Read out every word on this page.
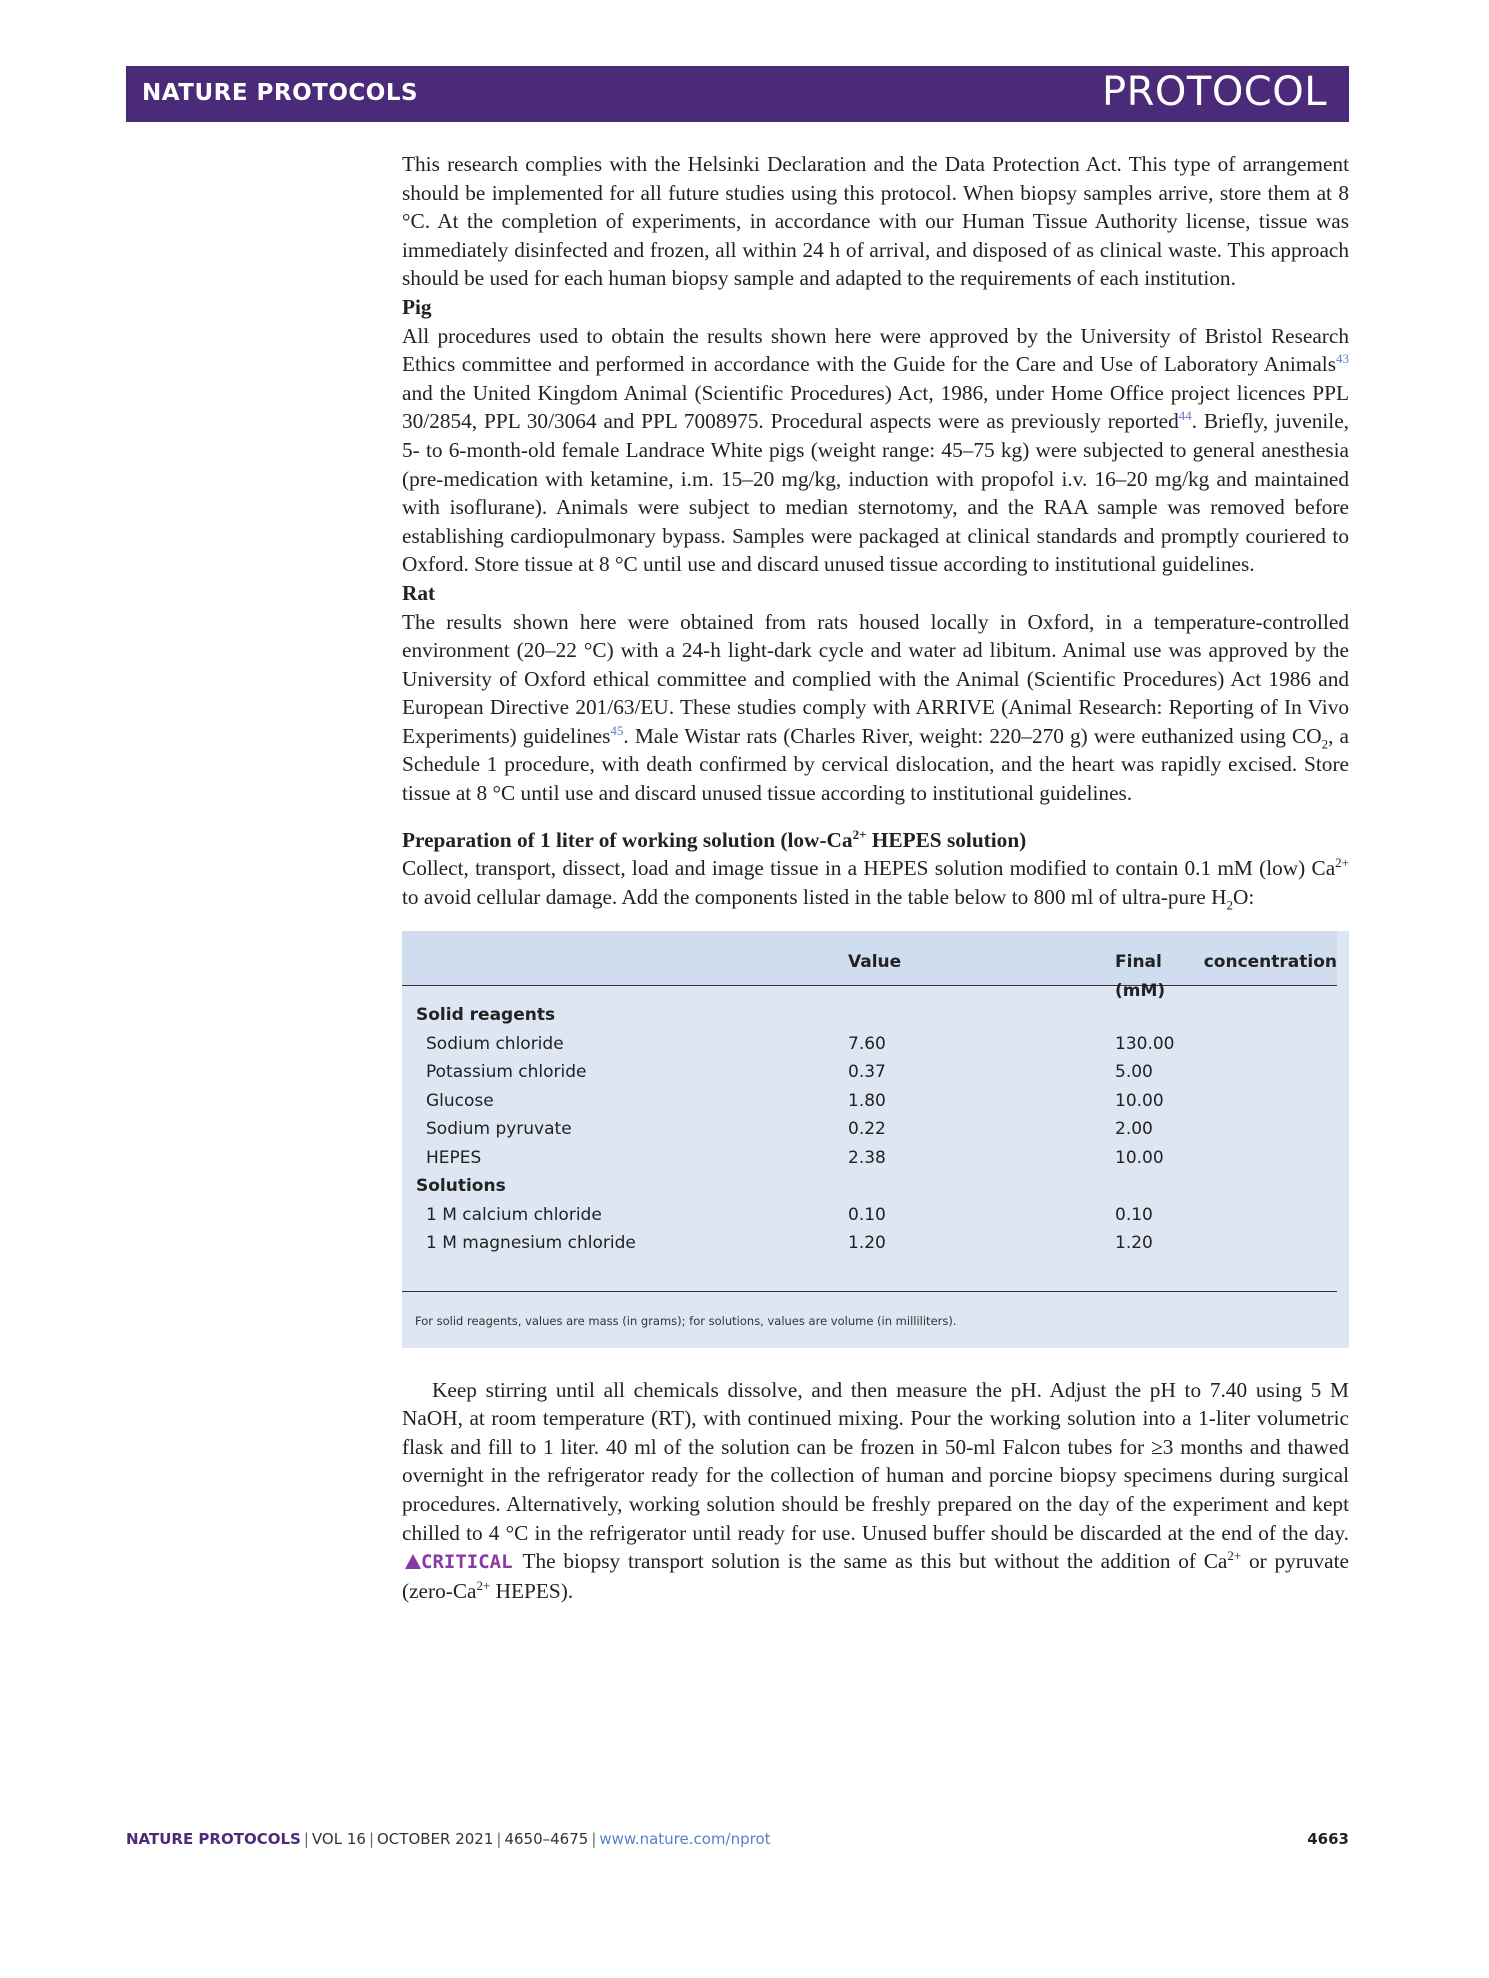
NATURE PROTOCOLS	PROTOCOL

This research complies with the Helsinki Declaration and the Data Protection Act. This type of arrangement should be implemented for all future studies using this protocol. When biopsy samples arrive, store them at 8 °C. At the completion of experiments, in accordance with our Human Tissue Authority license, tissue was immediately disinfected and frozen, all within 24 h of arrival, and disposed of as clinical waste. This approach should be used for each human biopsy sample and adapted to the requirements of each institution.

Pig

All procedures used to obtain the results shown here were approved by the University of Bristol Research Ethics committee and performed in accordance with the Guide for the Care and Use of Laboratory Animals$^{43}$ and the United Kingdom Animal (Scientific Procedures) Act, 1986, under Home Office project licences PPL 30/2854, PPL 30/3064 and PPL 7008975. Procedural aspects were as previously reported$^{44}$. Briefly, juvenile, 5- to 6-month-old female Landrace White pigs (weight range: 45–75 kg) were subjected to general anesthesia (pre-medication with ketamine, i.m. 15–20 mg/kg, induction with propofol i.v. 16–20 mg/kg and maintained with isoflurane). Animals were subject to median sternotomy, and the RAA sample was removed before establishing cardiopulmonary bypass. Samples were packaged at clinical standards and promptly couriered to Oxford. Store tissue at 8 °C until use and discard unused tissue according to institutional guidelines.

Rat

The results shown here were obtained from rats housed locally in Oxford, in a temperature-controlled environment (20–22 °C) with a 24-h light-dark cycle and water ad libitum. Animal use was approved by the University of Oxford ethical committee and complied with the Animal (Scientific Procedures) Act 1986 and European Directive 201/63/EU. These studies comply with ARRIVE (Animal Research: Reporting of In Vivo Experiments) guidelines$^{45}$. Male Wistar rats (Charles River, weight: 220–270 g) were euthanized using $CO_2$, a Schedule 1 procedure, with death confirmed by cervical dislocation, and the heart was rapidly excised. Store tissue at 8 °C until use and discard unused tissue according to institutional guidelines.

Preparation of 1 liter of working solution ($low-Ca^{2+}$ HEPES solution)

Collect, transport, dissect, load and image tissue in a HEPES solution modified to contain 0.1 mM (low) $Ca^{2+}$ to avoid cellular damage. Add the components listed in the table below to 800 ml of ultra-pure $H_2O$:

Value	Final concentration (mM)
Solid reagents
Sodium chloride	7.60	130.00
Potassium chloride	0.37	5.00
Glucose	1.80	10.00
Sodium pyruvate	0.22	2.00
HEPES	2.38	10.00
Solutions
1 M calcium chloride	0.10	0.10
1 M magnesium chloride	1.20	1.20
For solid reagents, values are mass (in grams); for solutions, values are volume (in milliliters).

Keep stirring until all chemicals dissolve, and then measure the pH. Adjust the pH to 7.40 using 5 M NaOH, at room temperature (RT), with continued mixing. Pour the working solution into a 1-liter volumetric flask and fill to 1 liter. 40 ml of the solution can be frozen in 50-ml Falcon tubes for ≥3 months and thawed overnight in the refrigerator ready for the collection of human and porcine biopsy specimens during surgical procedures. Alternatively, working solution should be freshly prepared on the day of the experiment and kept chilled to 4 °C in the refrigerator until ready for use. Unused buffer should be discarded at the end of the day. CRITICAL The biopsy transport solution is the same as this but without the addition of $Ca^{2+}$ or pyruvate ($zero-Ca^{2+}$ HEPES).

NATURE PROTOCOLS | VOL 16 | OCTOBER 2021 | 4650–4675 | www.nature.com/nprot	4663
